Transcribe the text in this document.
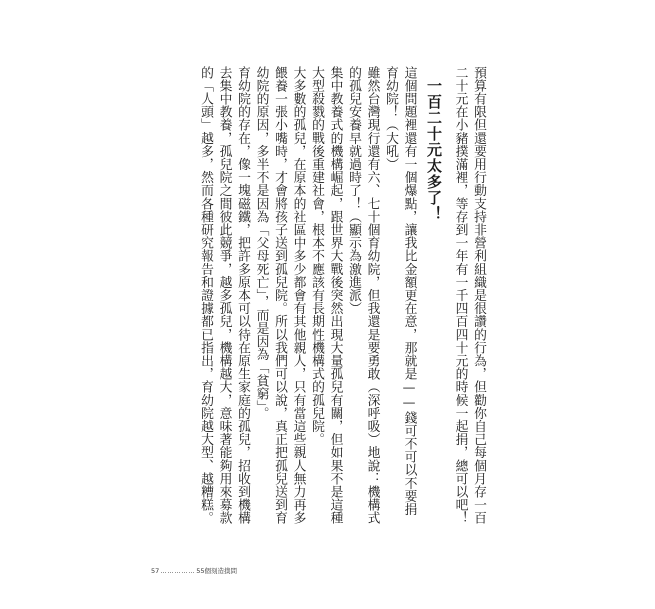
預算有限但還要用行動支持非營利組織是很讚的行為，但勸你自己每個月存一百二十元在小豬撲滿裡，等存到一年有一千四百四十元的時候一起捐，總可以吧！

一百二十元太多了！

這個問題裡還有一個爆點，讓我比金額更在意，那就是——錢可不可以不要捐育幼院！（大吼）

雖然台灣現行還有六、七十個育幼院，但我還是要勇敢（深呼吸）地說：機構式的孤兒安養早就過時了！（顯示為激進派）

集中教養式的機構崛起，跟世界大戰後突然出現大量孤兒有關，但如果不是這種大型殺戮的戰後重建社會，根本不應該有長期性機構式的孤兒院。

大多數的孤兒，在原本的社區中多少都會有其他親人，只有當這些親人無力再多餵養一張小嘴時，才會將孩子送到孤兒院。所以我們可以說，真正把孤兒送到育幼院的原因，多半不是因為「父母死亡」，而是因為「貧窮」。

育幼院的存在，像一塊磁鐵，把許多原本可以待在原生家庭的孤兒，招收到機構去集中教養，孤兒院之間彼此競爭，越多孤兒，機構越大，意味著能夠用來募款的「人頭」越多，然而各種研究報告和證據都已指出，育幼院越大型、越糟糕。

57 …………… 55個刻造撲問
